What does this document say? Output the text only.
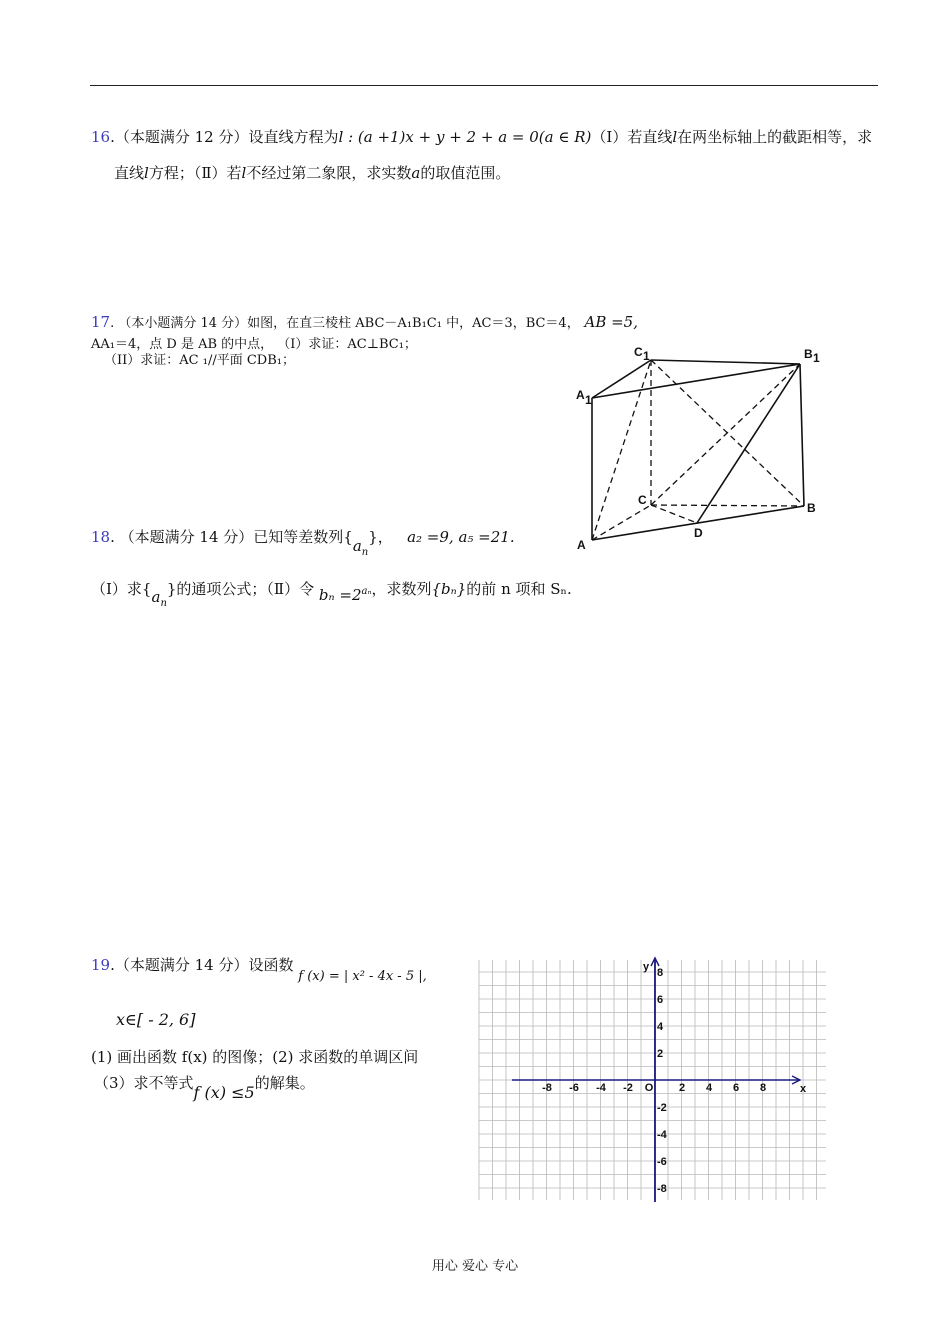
16.（本题满分 12 分）设直线方程为l : (a +1)x + y + 2 + a = 0(a ∈ R)（Ⅰ）若直线l在两坐标轴上的截距相等，求
直线l方程；（Ⅱ）若l不经过第二象限，求实数a的取值范围。
17. （本小题满分 14 分）如图，在直三棱柱 ABC－A₁B₁C₁ 中，AC＝3，BC＝4， AB =5,
AA₁＝4，点 D 是 AB 的中点， （I）求证：AC⊥BC₁；
（II）求证：AC ₁//平面 CDB₁；
C 1	B 1
A 1
C
B
A
D
18. （本题满分 14 分）已知等差数列$\{a_n\}$， a₂ =9, a₅ =21.
（Ⅰ）求$\{a_n\}$的通项公式；（Ⅱ）令 $b_n =2^{a_n}$，求数列{bₙ}的前 n 项和 Sₙ.
19.（本题满分 14 分）设函数 f (x) = | x² - 4x - 5 |,
x∈[ - 2, 6]
(1) 画出函数 f(x) 的图像；(2) 求函数的单调区间
（3）求不等式f (x) ≤5的解集。	-8 -6 -4 -2	2 4 6 8
8
6
4
2
-2
-4
-6
-8
O	x
y
用心 爱心 专心
